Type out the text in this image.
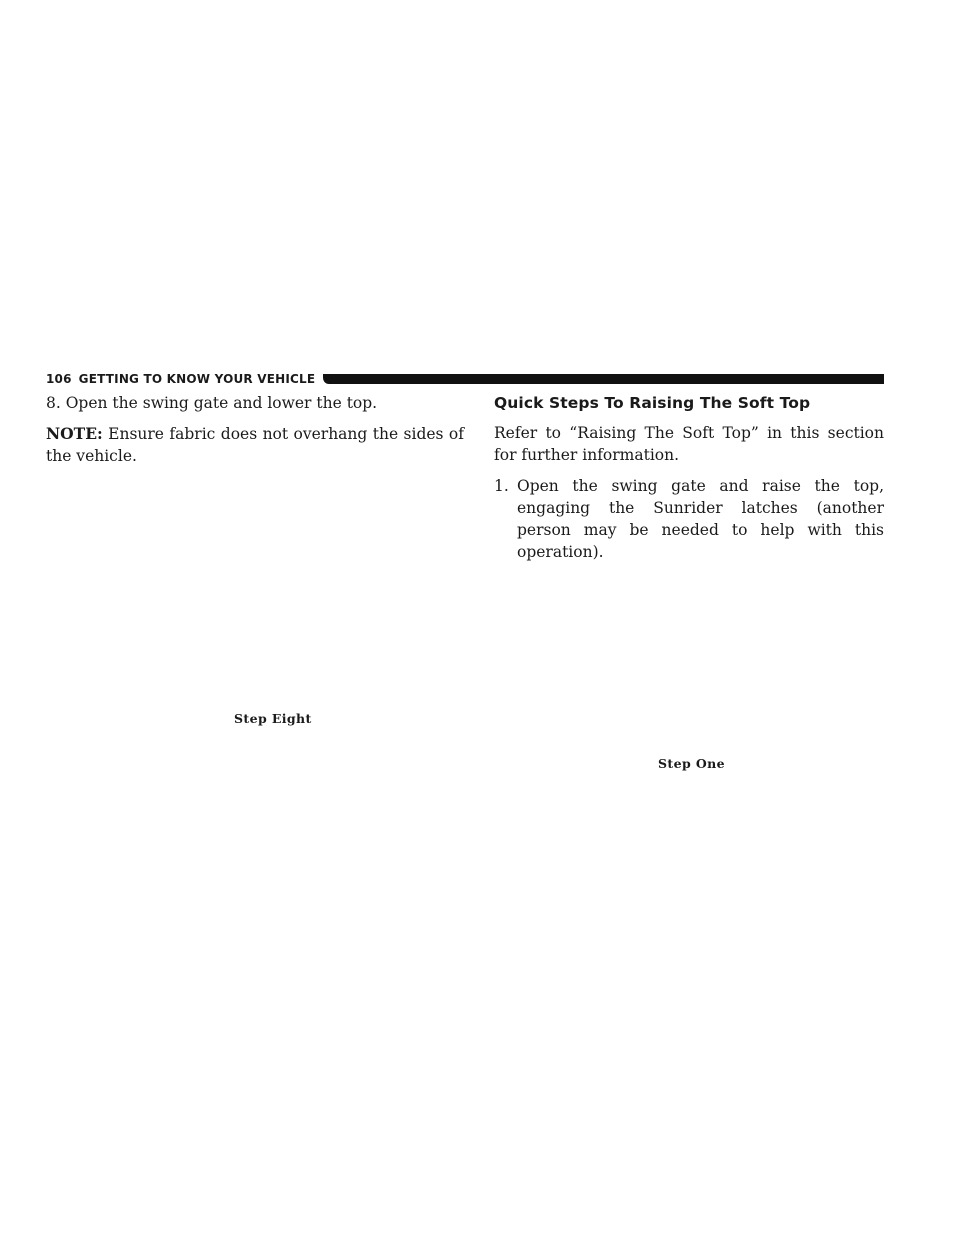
106 GETTING TO KNOW YOUR VEHICLE

8. Open the swing gate and lower the top.

NOTE: Ensure fabric does not overhang the sides of the vehicle.

Step Eight
Quick Steps To Raising The Soft Top

Refer to “Raising The Soft Top” in this section for further information.

1. Open the swing gate and raise the top, engaging the Sunrider latches (another person may be needed to help with this operation).
Step One
